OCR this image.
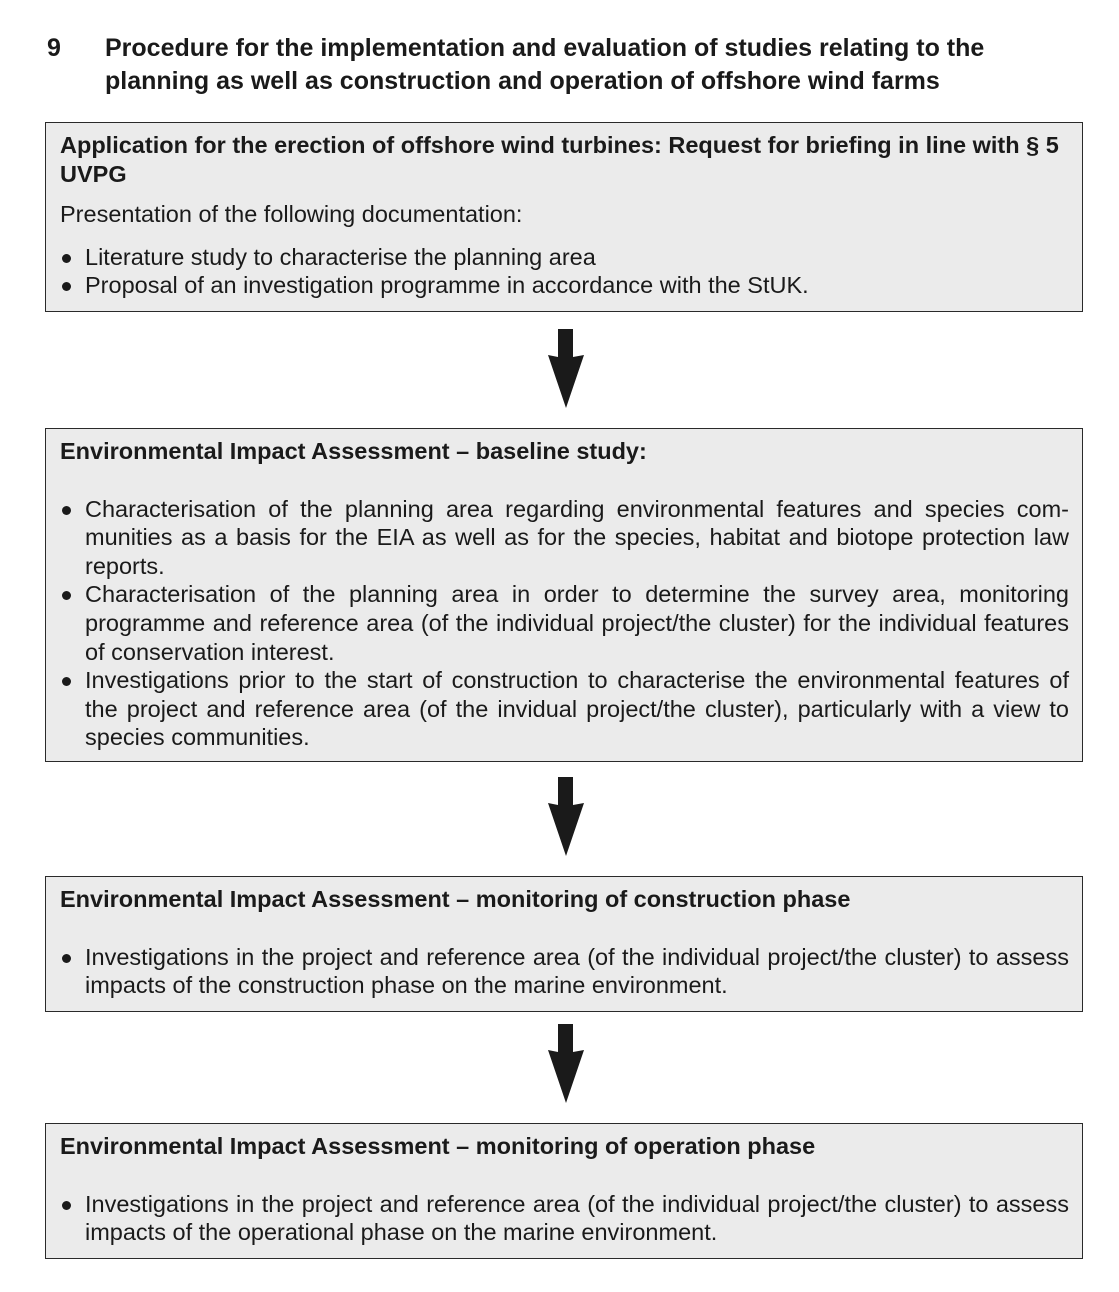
9 Procedure for the implementation and evaluation of studies relating to the planning as well as construction and operation of offshore wind farms
Application for the erection of offshore wind turbines: Request for briefing in line with § 5 UVPG
Presentation of the following documentation:
Literature study to characterise the planning area
Proposal of an investigation programme in accordance with the StUK.
Environmental Impact Assessment – baseline study:
Characterisation of the planning area regarding environmental features and species communities as a basis for the EIA as well as for the species, habitat and biotope protection law reports.
Characterisation of the planning area in order to determine the survey area, monitoring programme and reference area (of the individual project/the cluster) for the individual features of conservation interest.
Investigations prior to the start of construction to characterise the environmental features of the project and reference area (of the invidual project/the cluster), particularly with a view to species communities.
Environmental Impact Assessment – monitoring of construction phase
Investigations in the project and reference area (of the individual project/the cluster) to assess impacts of the construction phase on the marine environment.
Environmental Impact Assessment – monitoring of operation phase
Investigations in the project and reference area (of the individual project/the cluster) to assess impacts of the operational phase on the marine environment.
